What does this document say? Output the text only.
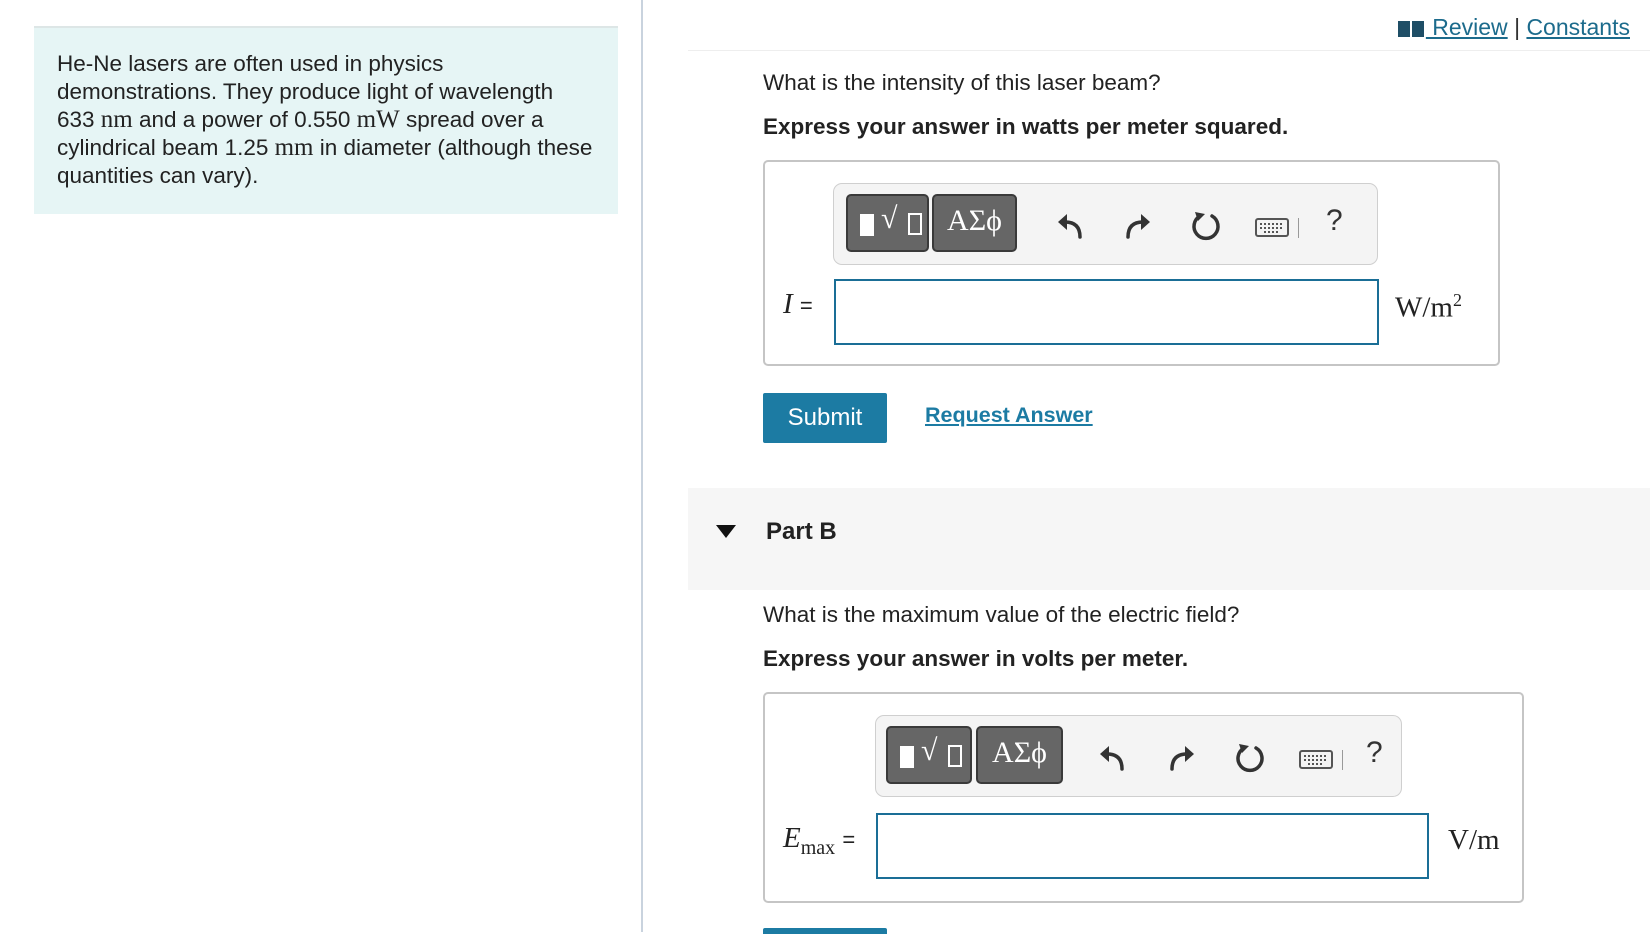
He-Ne lasers are often used in physics demonstrations. They produce light of wavelength 633 nm and a power of 0.550 mW spread over a cylindrical beam 1.25 mm in diameter (although these quantities can vary).
Review | Constants
What is the intensity of this laser beam?
Express your answer in watts per meter squared.
√	ΑΣϕ	?
I =	$W/m^2$
Submit	Request Answer
Part B
What is the maximum value of the electric field?
Express your answer in volts per meter.
√	ΑΣϕ	?
$E_{max}$ =	V/m
